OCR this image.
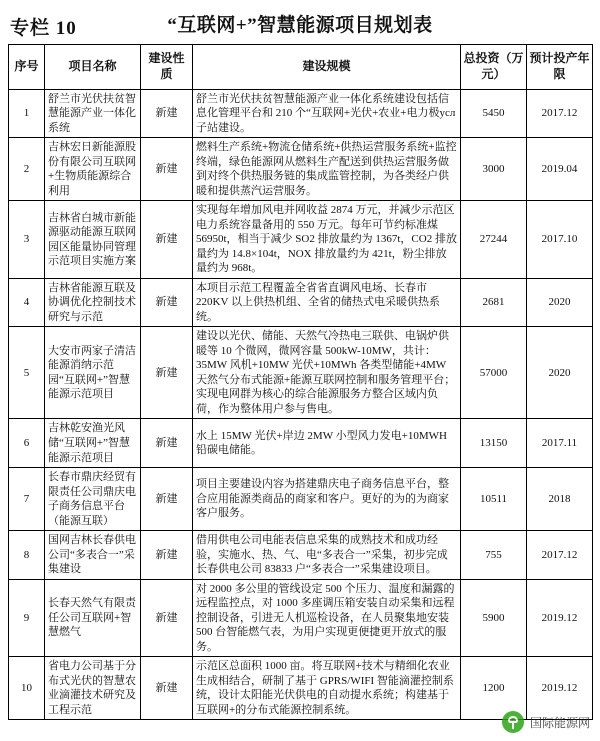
专栏 10	“互联网+”智慧能源项目规划表
序号	项目名称	建设性质	建设规模	总投资（万元）	预计投产年限
1	舒兰市光伏扶贫智慧能源产业一体化系统	新建	舒兰市光伏扶贫智慧能源产业一体化系统建设包括信息化管理平台和 210 个“互联网+光伏+农业+电力极усл子站建设。	5450	2017.12
2	吉林宏日新能源股份有限公司互联网+生物质能源综合利用	新建	燃料生产系统+物流仓储系统+供热运营服务系统+监控终端，绿色能源网从燃料生产配送到供热运营服务做到对终个供热服务链的集成监管控制，为各类经户供暖和提供蒸汽运营服务。	3000	2019.04
3	吉林省白城市新能源驱动能源互联网园区能量协同管理示范项目实施方案	新建	实现每年增加风电并网收益 2874 万元，并减少示范区电力系统容量备用的 550 万元。每年可节约标准煤 56950t，相当于减少 SO2 排放量约为 1367t，CO2 排放量约为 14.8×104t，NOX 排放量约为 421t，粉尘排放量约为 968t。	27244	2017.10
4	吉林省能源互联及协调优化控制技术研究与示范	新建	本项目示范工程覆盖全省省直调风电场、长春市 220KV 以上供热机组、全省的储热式电采暖供热系统。	2681	2020
5	大安市两家子清洁能源消纳示范园“互联网+”智慧能源示范项目	新建	建设以光伏、储能、天然气冷热电三联供、电锅炉供暖等 10 个微网，微网容量 500kW-10MW，共计：35MW 风机+10MW 光伏+10MWh 各类型储能+4MW 天然气分布式能源+能源互联网控制和服务管理平台；实现电网群为核心的综合能源服务方整合区域内负荷，作为整体用户参与售电。	57000	2020
6	吉林乾安渔光风储“互联网+”智慧能源示范项目	新建	水上 15MW 光伏+岸边 2MW 小型风力发电+10MWH 铅碳电储能。	13150	2017.11
7	长春市鼎庆经贸有限责任公司鼎庆电子商务信息平台（能源互联）	新建	项目主要建设内容为搭建鼎庆电子商务信息平台，整合应用能源类商品的商家和客户。更好的为的为商家客户服务。	10511	2018
8	国网吉林长春供电公司“多表合一”采集建设	新建	借用供电公司电能表信息采集的成熟技术和成功经验，实施水、热、气、电“多表合一”采集，初步完成长春供电公司 83833 户“多表合一”采集建设项目。	755	2017.12
9	长春天然气有限责任公司互联网+智慧燃气	新建	对 2000 多公里的管线设定 500 个压力、温度和漏露的远程监控点，对 1000 多座调压箱安装自动采集和远程控制设备，引进无人机巡检设备，在人员聚集地安装 500 台智能燃气表，为用户实现更便捷更开放式的服务。	5900	2019.12
10	省电力公司基于分布式光伏的智慧农业滴灌技术研究及工程示范	新建	示范区总面积 1000 亩。将互联网+技术与精细化农业生成相结合，研制了基于 GPRS/WIFI 智能滴灌控制系统，设计太阳能光伏供电的自动提水系统；构建基于互联网+的分布式能源控制系统。	1200	2019.12
国际能源网
